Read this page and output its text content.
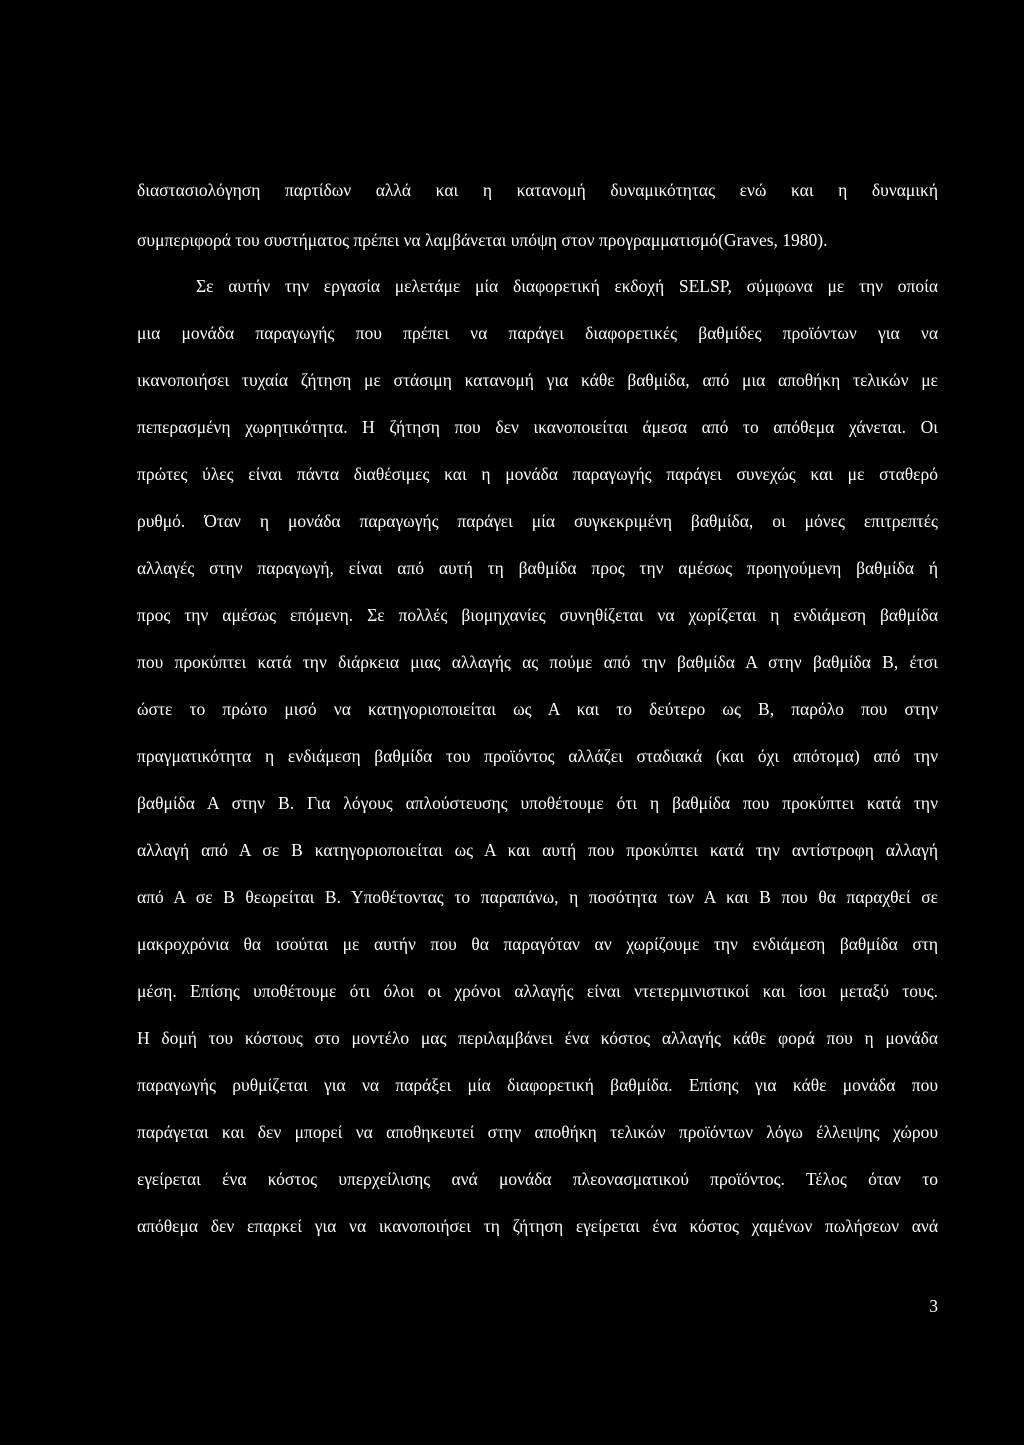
διαστασιολόγηση παρτίδων αλλά και η κατανομή δυναμικότητας ενώ και η δυναμική
συμπεριφορά του συστήματος πρέπει να λαμβάνεται υπόψη στον προγραμματισμό(Graves, 1980).
Σε αυτήν την εργασία μελετάμε μία διαφορετική εκδοχή SELSP, σύμφωνα με την οποία
μια μονάδα παραγωγής που πρέπει να παράγει διαφορετικές βαθμίδες προϊόντων για να
ικανοποιήσει τυχαία ζήτηση με στάσιμη κατανομή για κάθε βαθμίδα, από μια αποθήκη τελικών με
πεπερασμένη χωρητικότητα. Η ζήτηση που δεν ικανοποιείται άμεσα από το απόθεμα χάνεται. Οι
πρώτες ύλες είναι πάντα διαθέσιμες και η μονάδα παραγωγής παράγει συνεχώς και με σταθερό
ρυθμό. Όταν η μονάδα παραγωγής παράγει μία συγκεκριμένη βαθμίδα, οι μόνες επιτρεπτές
αλλαγές στην παραγωγή, είναι από αυτή τη βαθμίδα προς την αμέσως προηγούμενη βαθμίδα ή
προς την αμέσως επόμενη. Σε πολλές βιομηχανίες συνηθίζεται να χωρίζεται η ενδιάμεση βαθμίδα
που προκύπτει κατά την διάρκεια μιας αλλαγής ας πούμε από την βαθμίδα Α στην βαθμίδα Β, έτσι
ώστε το πρώτο μισό να κατηγοριοποιείται ως Α και το δεύτερο ως Β, παρόλο που στην
πραγματικότητα η ενδιάμεση βαθμίδα του προϊόντος αλλάζει σταδιακά (και όχι απότομα) από την
βαθμίδα Α στην Β. Για λόγους απλούστευσης υποθέτουμε ότι η βαθμίδα που προκύπτει κατά την
αλλαγή από Α σε Β κατηγοριοποιείται ως Α και αυτή που προκύπτει κατά την αντίστροφη αλλαγή
από Α σε Β θεωρείται Β. Υποθέτοντας το παραπάνω, η ποσότητα των Α και Β που θα παραχθεί σε
μακροχρόνια θα ισούται με αυτήν που θα παραγόταν αν χωρίζουμε την ενδιάμεση βαθμίδα στη
μέση. Επίσης υποθέτουμε ότι όλοι οι χρόνοι αλλαγής είναι ντετερμινιστικοί και ίσοι μεταξύ τους.
Η δομή του κόστους στο μοντέλο μας περιλαμβάνει ένα κόστος αλλαγής κάθε φορά που η μονάδα
παραγωγής ρυθμίζεται για να παράξει μία διαφορετική βαθμίδα. Επίσης για κάθε μονάδα που
παράγεται και δεν μπορεί να αποθηκευτεί στην αποθήκη τελικών προϊόντων λόγω έλλειψης χώρου
εγείρεται ένα κόστος υπερχείλισης ανά μονάδα πλεονασματικού προϊόντος. Τέλος όταν το
απόθεμα δεν επαρκεί για να ικανοποιήσει τη ζήτηση εγείρεται ένα κόστος χαμένων πωλήσεων ανά
3
